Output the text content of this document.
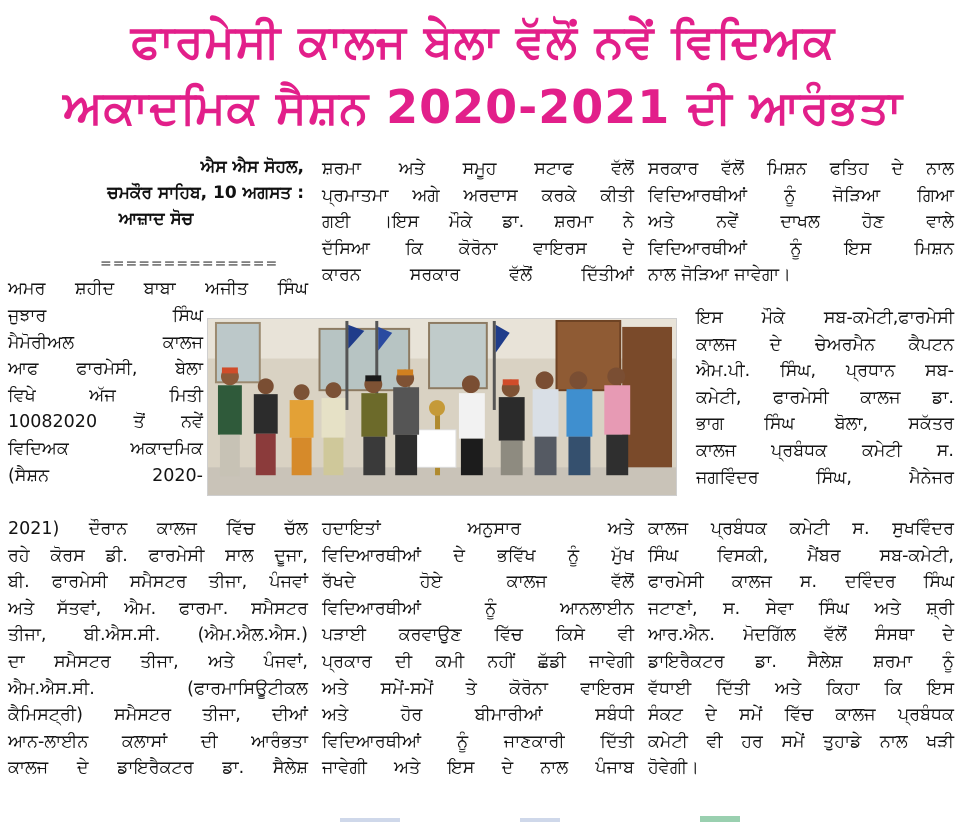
ਫਾਰਮੇਸੀ ਕਾਲਜ ਬੇਲਾ ਵੱਲੋਂ ਨਵੇਂ ਵਿਦਿਅਕ
ਅਕਾਦਮਿਕ ਸੈਸ਼ਨ 2020-2021 ਦੀ ਆਰੰਭਤਾ
ਐਸ ਐਸ ਸੋਹਲ,
ਚਮਕੌਰ ਸਾਹਿਬ, 10 ਅਗਸਤ :
ਆਜ਼ਾਦ ਸੋਚ
==============

ਅਮਰ ਸ਼ਹੀਦ ਬਾਬਾ ਅਜੀਤ ਸਿੰਘ

ਜੁਝਾਰ ਸਿੰਘ

ਮੈਮੋਰੀਅਲ ਕਾਲਜ

ਆਫ ਫਾਰਮੇਸੀ, ਬੇਲਾ

ਵਿਖੇ ਅੱਜ ਮਿਤੀ

10082020 ਤੋਂ ਨਵੇਂ

ਵਿਦਿਅਕ ਅਕਾਦਮਿਕ

(ਸੈਸ਼ਨ 2020-

2021) ਦੌਰਾਨ ਕਾਲਜ ਵਿੱਚ ਚੱਲ

ਰਹੇ ਕੋਰਸ ਡੀ. ਫਾਰਮੇਸੀ ਸਾਲ ਦੂਜਾ,

ਬੀ. ਫਾਰਮੇਸੀ ਸਮੈਸਟਰ ਤੀਜਾ, ਪੰਜਵਾਂ

ਅਤੇ ਸੱਤਵਾਂ, ਐਮ. ਫਾਰਮਾ. ਸਮੈਸਟਰ

ਤੀਜਾ, ਬੀ.ਐਸ.ਸੀ. (ਐਮ.ਐਲ.ਐਸ.)

ਦਾ ਸਮੈਸਟਰ ਤੀਜਾ, ਅਤੇ ਪੰਜਵਾਂ,

ਐਮ.ਐਸ.ਸੀ. (ਫਾਰਮਾਸਿਊਟੀਕਲ

ਕੈਮਿਸਟ੍ਰੀ) ਸਮੈਸਟਰ ਤੀਜਾ, ਦੀਆਂ

ਆਨ-ਲਾਈਨ ਕਲਾਸਾਂ ਦੀ ਆਰੰਭਤਾ

ਕਾਲਜ ਦੇ ਡਾਇਰੈਕਟਰ ਡਾ. ਸੈਲੇਸ਼

ਸ਼ਰਮਾ ਅਤੇ ਸਮੂਹ ਸਟਾਫ ਵੱਲੋਂ

ਪ੍ਰਮਾਤਮਾ ਅਗੇ ਅਰਦਾਸ ਕਰਕੇ ਕੀਤੀ

ਗਈ ।ਇਸ ਮੌਕੇ ਡਾ. ਸ਼ਰਮਾ ਨੇ

ਦੱਸਿਆ ਕਿ ਕੋਰੋਨਾ ਵਾਇਰਸ ਦੇ

ਕਾਰਨ ਸਰਕਾਰ ਵੱਲੋਂ ਦਿੱਤੀਆਂ

ਹਦਾਇਤਾਂ ਅਨੁਸਾਰ ਅਤੇ

ਵਿਦਿਆਰਥੀਆਂ ਦੇ ਭਵਿੱਖ ਨੂੰ ਮੁੱਖ

ਰੱਖਦੇ ਹੋਏ ਕਾਲਜ ਵੱਲੋਂ

ਵਿਦਿਆਰਥੀਆਂ ਨੂੰ ਆਨਲਾਈਨ

ਪੜਾਈ ਕਰਵਾਉਣ ਵਿੱਚ ਕਿਸੇ ਵੀ

ਪ੍ਰਕਾਰ ਦੀ ਕਮੀ ਨਹੀਂ ਛੱਡੀ ਜਾਵੇਗੀ

ਅਤੇ ਸਮੇਂ-ਸਮੇਂ ਤੇ ਕੋਰੋਨਾ ਵਾਇਰਸ

ਅਤੇ ਹੋਰ ਬੀਮਾਰੀਆਂ ਸਬੰਧੀ

ਵਿਦਿਆਰਥੀਆਂ ਨੂੰ ਜਾਣਕਾਰੀ ਦਿੱਤੀ

ਜਾਵੇਗੀ ਅਤੇ ਇਸ ਦੇ ਨਾਲ ਪੰਜਾਬ

ਸਰਕਾਰ ਵੱਲੋਂ ਮਿਸ਼ਨ ਫਤਿਹ ਦੇ ਨਾਲ

ਵਿਦਿਆਰਥੀਆਂ ਨੂੰ ਜੋੜਿਆ ਗਿਆ

ਅਤੇ ਨਵੇਂ ਦਾਖਲ ਹੋਣ ਵਾਲੇ

ਵਿਦਿਆਰਥੀਆਂ ਨੂੰ ਇਸ ਮਿਸ਼ਨ

ਨਾਲ ਜੋੜਿਆ ਜਾਵੇਗਾ।

ਇਸ ਮੌਕੇ ਸਬ-ਕਮੇਟੀ,ਫਾਰਮੇਸੀ

ਕਾਲਜ ਦੇ ਚੇਅਰਮੈਨ ਕੈਪਟਨ

ਐਮ.ਪੀ. ਸਿੰਘ, ਪ੍ਰਧਾਨ ਸਬ-

ਕਮੇਟੀ, ਫਾਰਮੇਸੀ ਕਾਲਜ ਡਾ.

ਭਾਗ ਸਿੰਘ ਬੋਲਾ, ਸਕੱਤਰ

ਕਾਲਜ ਪ੍ਰਬੰਧਕ ਕਮੇਟੀ ਸ.

ਜਗਵਿੰਦਰ ਸਿੰਘ, ਮੈਨੇਜਰ

ਕਾਲਜ ਪ੍ਰਬੰਧਕ ਕਮੇਟੀ ਸ. ਸੁਖਵਿੰਦਰ

ਸਿੰਘ ਵਿਸਕੀ, ਮੈਂਬਰ ਸਬ-ਕਮੇਟੀ,

ਫਾਰਮੇਸੀ ਕਾਲਜ ਸ. ਦਵਿੰਦਰ ਸਿੰਘ

ਜਟਾਣਾਂ, ਸ. ਸੇਵਾ ਸਿੰਘ ਅਤੇ ਸ਼੍ਰੀ

ਆਰ.ਐਨ. ਮੋਦਗਿੱਲ ਵੱਲੋਂ ਸੰਸਥਾ ਦੇ

ਡਾਇਰੈਕਟਰ ਡਾ. ਸੈਲੇਸ਼ ਸ਼ਰਮਾ ਨੂੰ

ਵੱਧਾਈ ਦਿੱਤੀ ਅਤੇ ਕਿਹਾ ਕਿ ਇਸ

ਸੰਕਟ ਦੇ ਸਮੇਂ ਵਿੱਚ ਕਾਲਜ ਪ੍ਰਬੰਧਕ

ਕਮੇਟੀ ਵੀ ਹਰ ਸਮੇਂ ਤੁਹਾਡੇ ਨਾਲ ਖੜੀ

ਹੋਵੇਗੀ।
